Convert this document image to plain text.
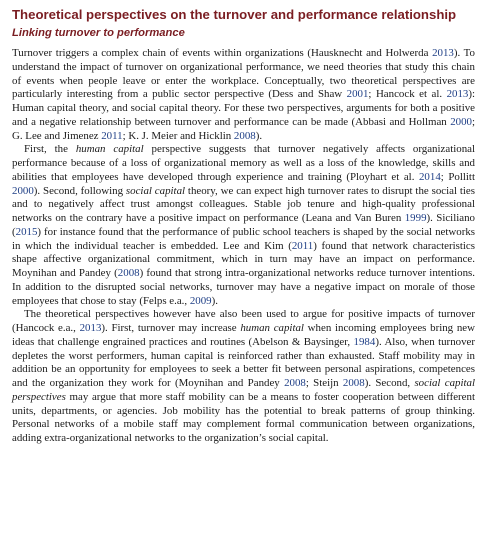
Theoretical perspectives on the turnover and performance relationship
Linking turnover to performance

Turnover triggers a complex chain of events within organizations (Hausknecht and Holwerda 2013). To understand the impact of turnover on organizational performance, we need theories that study this chain of events when people leave or enter the workplace. Conceptually, two theoretical perspectives are particularly interesting from a public sector perspective (Dess and Shaw 2001; Hancock et al. 2013): Human capital theory, and social capital theory. For these two perspectives, arguments for both a positive and a negative relationship between turnover and performance can be made (Abbasi and Hollman 2000; G. Lee and Jimenez 2011; K. J. Meier and Hicklin 2008).

First, the human capital perspective suggests that turnover negatively affects organizational performance because of a loss of organizational memory as well as a loss of the knowledge, skills and abilities that employees have developed through experience and training (Ployhart et al. 2014; Pollitt 2000). Second, following social capital theory, we can expect high turnover rates to disrupt the social ties and to negatively affect trust amongst colleagues. Stable job tenure and high-quality professional networks on the contrary have a positive impact on performance (Leana and Van Buren 1999). Siciliano (2015) for instance found that the performance of public school teachers is shaped by the social networks in which the individual teacher is embedded. Lee and Kim (2011) found that network characteristics shape affective organizational commitment, which in turn may have an impact on performance. Moynihan and Pandey (2008) found that strong intra-organizational networks reduce turnover intentions. In addition to the disrupted social networks, turnover may have a negative impact on morale of those employees that chose to stay (Felps e.a., 2009).

The theoretical perspectives however have also been used to argue for positive impacts of turnover (Hancock e.a., 2013). First, turnover may increase human capital when incoming employees bring new ideas that challenge engrained practices and routines (Abelson & Baysinger, 1984). Also, when turnover depletes the worst performers, human capital is reinforced rather than exhausted. Staff mobility may in addition be an opportunity for employees to seek a better fit between personal aspirations, competences and the organization they work for (Moynihan and Pandey 2008; Steijn 2008). Second, social capital perspectives may argue that more staff mobility can be a means to foster cooperation between different units, departments, or agencies. Job mobility has the potential to break patterns of group thinking. Personal networks of a mobile staff may complement formal communication between organizations, adding extra-organizational networks to the organization’s social capital.
